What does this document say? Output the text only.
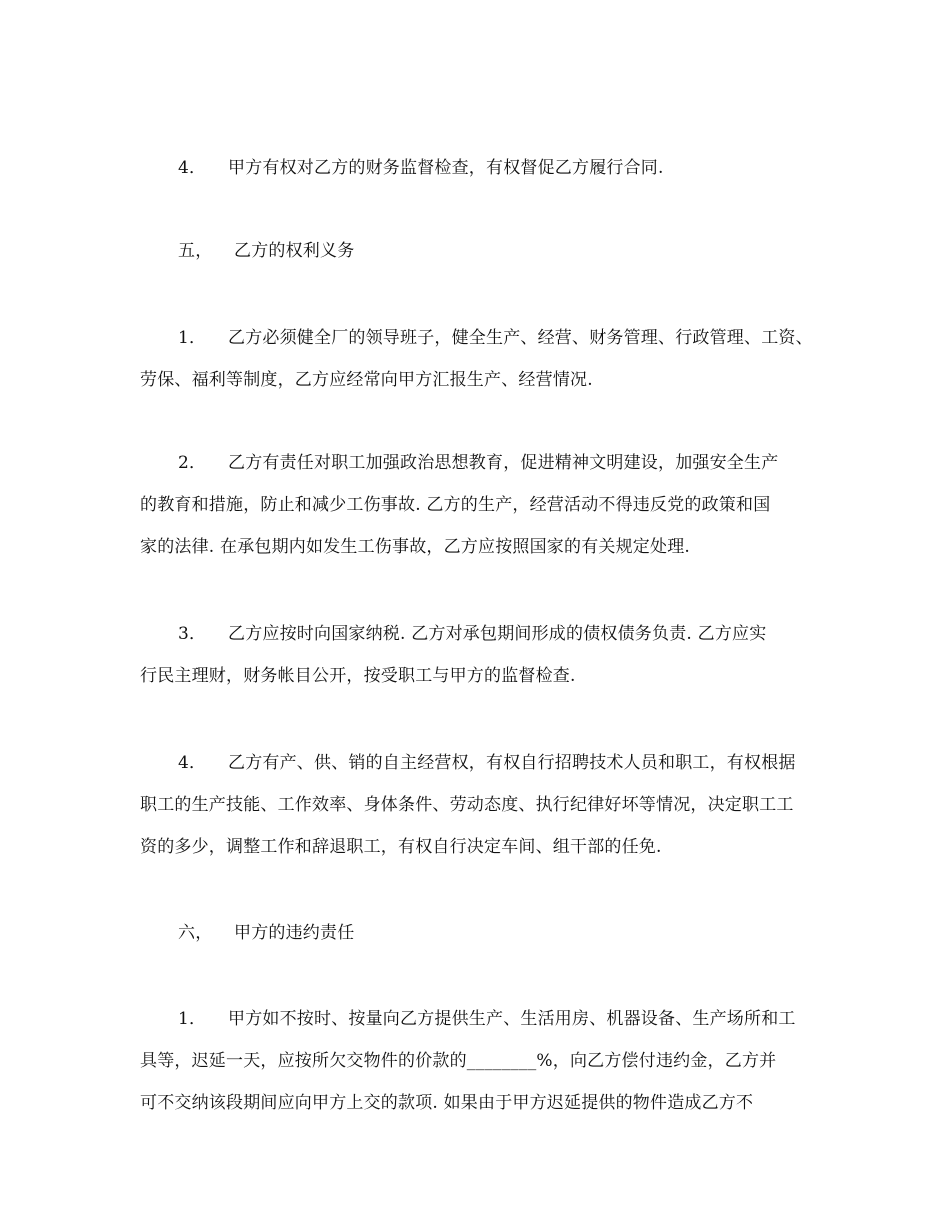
4． 甲方有权对乙方的财务监督检查，有权督促乙方履行合同.
五， 乙方的权利义务
1． 乙方必须健全厂的领导班子，健全生产、经营、财务管理、行政管理、工资、
劳保、福利等制度，乙方应经常向甲方汇报生产、经营情况.
2． 乙方有责任对职工加强政治思想教育，促进精神文明建设，加强安全生产
的教育和措施，防止和减少工伤事故. 乙方的生产，经营活动不得违反党的政策和国
家的法律. 在承包期内如发生工伤事故，乙方应按照国家的有关规定处理.
3． 乙方应按时向国家纳税. 乙方对承包期间形成的债权债务负责. 乙方应实
行民主理财，财务帐目公开，按受职工与甲方的监督检查.
4． 乙方有产、供、销的自主经营权，有权自行招聘技术人员和职工，有权根据
职工的生产技能、工作效率、身体条件、劳动态度、执行纪律好坏等情况，决定职工工
资的多少，调整工作和辞退职工，有权自行决定车间、组干部的任免.
六， 甲方的违约责任
1． 甲方如不按时、按量向乙方提供生产、生活用房、机器设备、生产场所和工
具等，迟延一天，应按所欠交物件的价款的________%，向乙方偿付违约金，乙方并
可不交纳该段期间应向甲方上交的款项. 如果由于甲方迟延提供的物件造成乙方不
